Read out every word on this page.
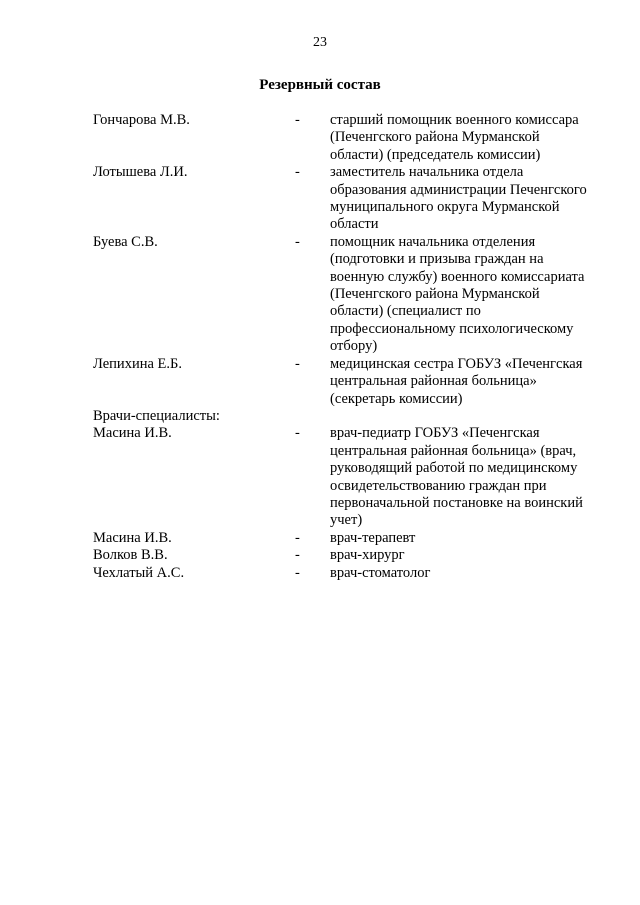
23
Резервный состав
Гончарова М.В.	-	старший помощник военного комиссара
(Печенгского района Мурманской
области) (председатель комиссии)
Лотышева Л.И.	-	заместитель начальника отдела
образования администрации Печенгского
муниципального округа Мурманской
области
Буева С.В.	-	помощник начальника отделения
(подготовки и призыва граждан на
военную службу) военного комиссариата
(Печенгского района Мурманской
области) (специалист по
профессиональному психологическому
отбору)
Лепихина Е.Б.	-	медицинская сестра ГОБУЗ «Печенгская
центральная районная больница»
(секретарь комиссии)
Врачи-специалисты:
Масина И.В.	-	врач-педиатр ГОБУЗ «Печенгская
центральная районная больница» (врач,
руководящий работой по медицинскому
освидетельствованию граждан при
первоначальной постановке на воинский
учет)
Масина И.В.	-	врач-терапевт
Волков В.В.	-	врач-хирург
Чехлатый А.С.	-	врач-стоматолог
